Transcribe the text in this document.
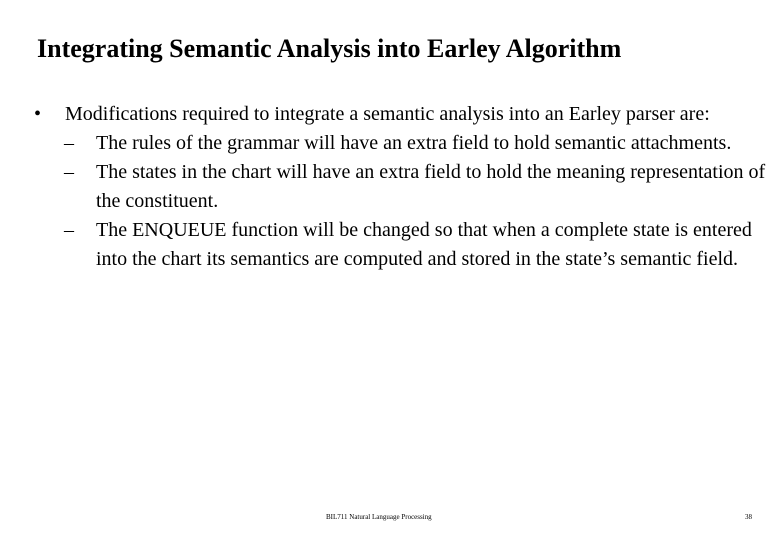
Integrating Semantic Analysis into Earley Algorithm
• Modifications required to integrate a semantic analysis into an Earley parser are:
– The rules of the grammar will have an extra field to hold semantic attachments.
– The states in the chart will have an extra field to hold the meaning representation of the constituent.
– The ENQUEUE function will be changed so that when a complete state is entered into the chart its semantics are computed and stored in the state’s semantic field.
BIL711 Natural Language Processing	38
